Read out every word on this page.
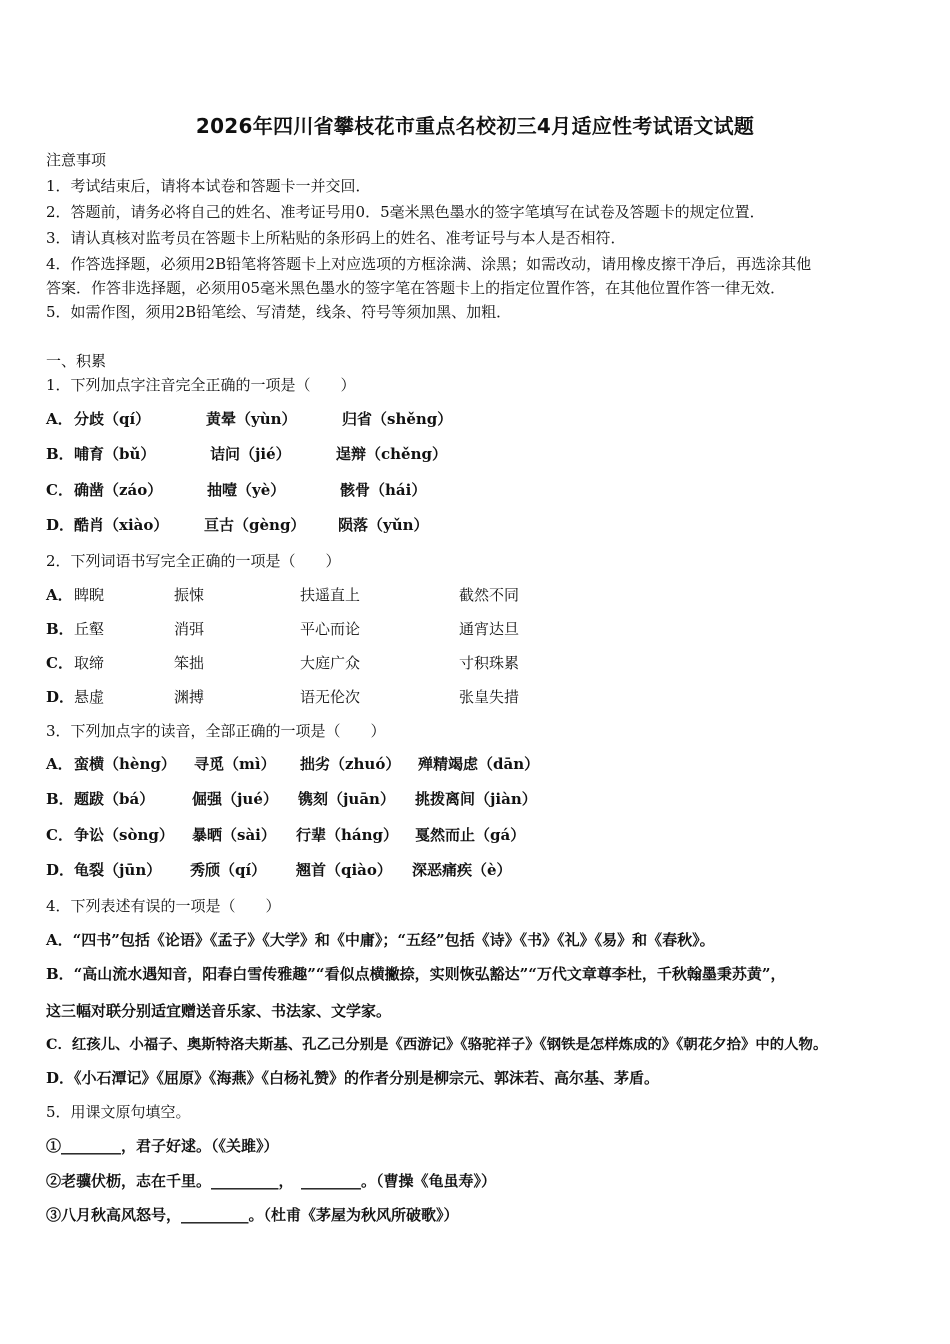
2026年四川省攀枝花市重点名校初三4月适应性考试语文试题
注意事项
1．考试结束后，请将本试卷和答题卡一并交回．
2．答题前，请务必将自己的姓名、准考证号用0．5毫米黑色墨水的签字笔填写在试卷及答题卡的规定位置．
3．请认真核对监考员在答题卡上所粘贴的条形码上的姓名、准考证号与本人是否相符．
4．作答选择题，必须用2B铅笔将答题卡上对应选项的方框涂满、涂黑；如需改动，请用橡皮擦干净后，再选涂其他
答案．作答非选择题，必须用05毫米黑色墨水的签字笔在答题卡上的指定位置作答，在其他位置作答一律无效．
5．如需作图，须用2B铅笔绘、写清楚，线条、符号等须加黑、加粗．
一、积累
1．下列加点字注音完全正确的一项是（　　）
A． 分歧（qí）	黄晕（yùn）	归省（shěng）
B． 哺育（bǔ）	诘问（jié）	逞辩（chěng）
C． 确凿（záo）	抽噎（yè）	骸骨（hái）
D． 酷肖（xiào） 亘古（gèng） 陨落（yǔn）
2．下列词语书写完全正确的一项是（　　）
A． 睥睨	振悚	扶遥直上	截然不同
B． 丘壑	消弭	平心而论	通宵达旦
C． 取缔	笨拙	大庭广众	寸积珠累
D． 悬虚	渊搏	语无伦次	张皇失措
3．下列加点字的读音，全部正确的一项是（　　）
A． 蛮横（hèng） 寻觅（mì） 拙劣（zhuó） 殚精竭虑（dān）
B． 题跋（bá）	倔强（jué） 镌刻（juān） 挑拨离间（jiàn）
C． 争讼（sòng） 暴晒（sài） 行辈（háng） 戛然而止（gá）
D． 龟裂（jūn） 秀颀（qí） 翘首（qiào） 深恶痛疾（è）
4．下列表述有误的一项是（　　）
A．“四书”包括《论语》《孟子》《大学》和《中庸》；“五经”包括《诗》《书》《礼》《易》和《春秋》。
B．“高山流水遇知音，阳春白雪传雅趣”“看似点横撇捺，实则恢弘豁达”“万代文章尊李杜，千秋翰墨秉苏黄”，
这三幅对联分别适宜赠送音乐家、书法家、文学家。
C．红孩儿、小福子、奥斯特洛夫斯基、孔乙己分别是《西游记》《骆驼祥子》《钢铁是怎样炼成的》《朝花夕拾》中的人物。
D．《小石潭记》《屈原》《海燕》《白杨礼赞》的作者分别是柳宗元、郭沫若、高尔基、茅盾。
5．用课文原句填空。
①________，君子好逑。（《关雎》）
②老骥伏枥，志在千里。_________，　________。（曹操《龟虽寿》）
③八月秋高风怒号，_________。（杜甫《茅屋为秋风所破歌》）
